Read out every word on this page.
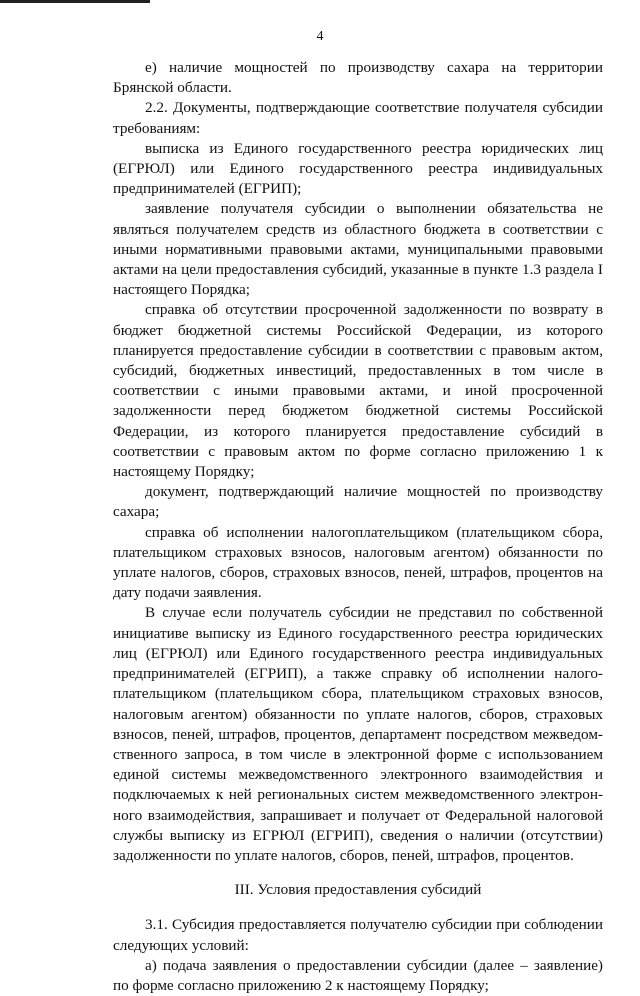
4

е) наличие мощностей по производству сахара на территории Брянской области.

2.2. Документы, подтверждающие соответствие получателя субсидии требованиям:

выписка из Единого государственного реестра юридических лиц (ЕГРЮЛ) или Единого государственного реестра индивидуальных предпринимателей (ЕГРИП);

заявление получателя субсидии о выполнении обязательства не являться получателем средств из областного бюджета в соответствии с иными нормативными правовыми актами, муниципальными правовыми актами на цели предоставления субсидий, указанные в пункте 1.3 раздела I настоящего Порядка;

справка об отсутствии просроченной задолженности по возврату в бюджет бюджетной системы Российской Федерации, из которого планируется предоставление субсидии в соответствии с правовым актом, субсидий, бюджетных инвестиций, предоставленных в том числе в соответствии с иными правовыми актами, и иной просроченной задолженности перед бюджетом бюджетной системы Российской Федерации, из которого планируется предоставление субсидий в соответствии с правовым актом по форме согласно приложению 1 к настоящему Порядку;

документ, подтверждающий наличие мощностей по производству сахара;

справка об исполнении налогоплательщиком (плательщиком сбора, плательщиком страховых взносов, налоговым агентом) обязанности по уплате налогов, сборов, страховых взносов, пеней, штрафов, процентов на дату подачи заявления.

В случае если получатель субсидии не представил по собственной инициативе выписку из Единого государственного реестра юридических лиц (ЕГРЮЛ) или Единого государственного реестра индивидуальных предпринимателей (ЕГРИП), а также справку об исполнении налого-плательщиком (плательщиком сбора, плательщиком страховых взносов, налоговым агентом) обязанности по уплате налогов, сборов, страховых взносов, пеней, штрафов, процентов, департамент посредством межведом-ственного запроса, в том числе в электронной форме с использованием единой системы межведомственного электронного взаимодействия и подключаемых к ней региональных систем межведомственного электрон-ного взаимодействия, запрашивает и получает от Федеральной налоговой службы выписку из ЕГРЮЛ (ЕГРИП), сведения о наличии (отсутствии) задолженности по уплате налогов, сборов, пеней, штрафов, процентов.

III. Условия предоставления субсидий

3.1. Субсидия предоставляется получателю субсидии при соблюдении следующих условий:

а) подача заявления о предоставлении субсидии (далее – заявление) по форме согласно приложению 2 к настоящему Порядку;
